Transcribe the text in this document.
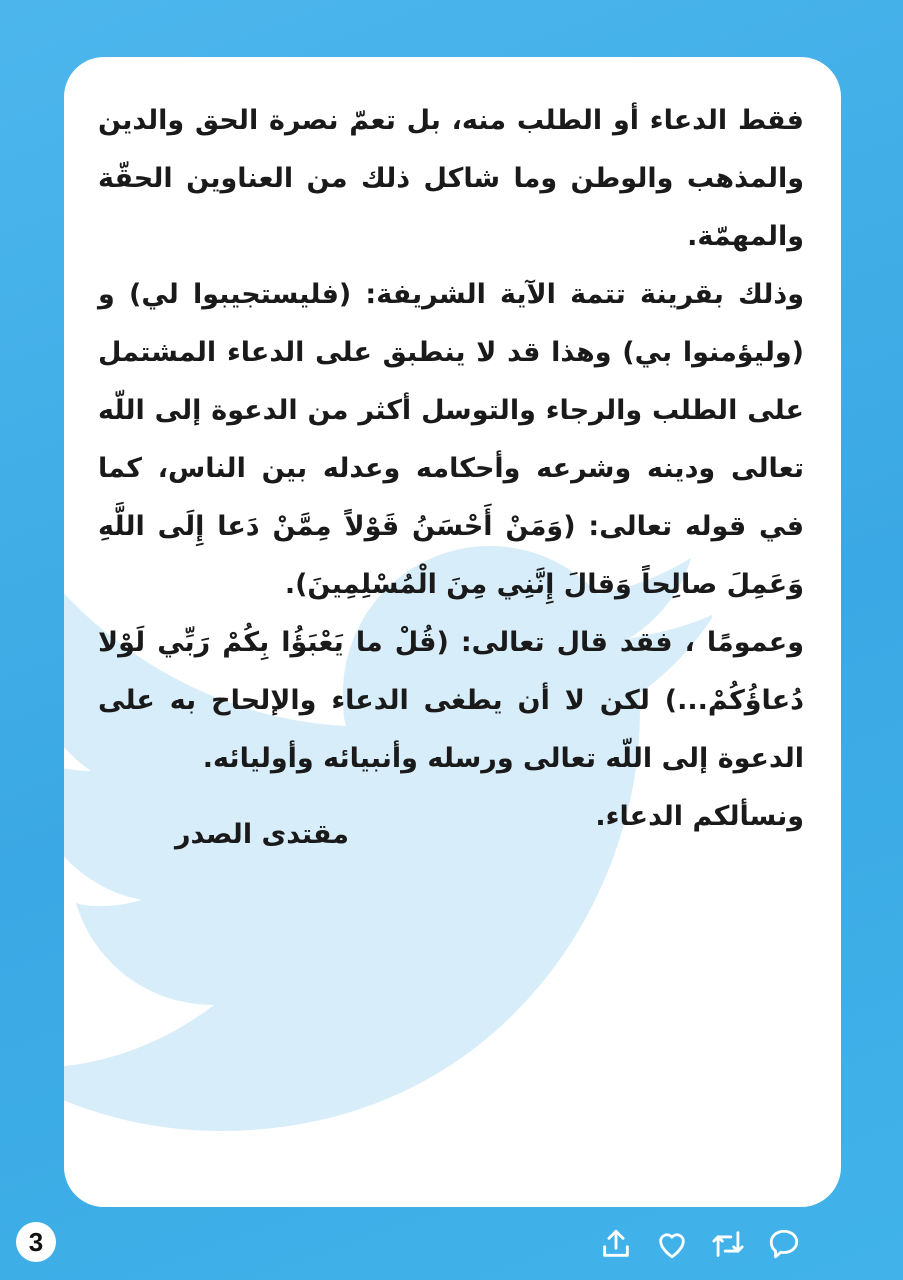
فقط الدعاء أو الطلب منه، بل تعمّ نصرة الحق والدين والمذهب والوطن وما شاكل ذلك من العناوين الحقّة والمهمّة.

وذلك بقرينة تتمة الآية الشريفة: (فليستجيبوا لي) و (وليؤمنوا بي) وهذا قد لا ينطبق على الدعاء المشتمل على الطلب والرجاء والتوسل أكثر من الدعوة إلى اللّه تعالى ودينه وشرعه وأحكامه وعدله بين الناس، كما في قوله تعالى: (وَمَنْ أَحْسَنُ قَوْلاً مِمَّنْ دَعا إِلَى اللَّهِ وَعَمِلَ صالِحاً وَقالَ إِنَّنِي مِنَ الْمُسْلِمِينَ).

وعمومًا ، فقد قال تعالى: (قُلْ ما يَعْبَؤُا بِكُمْ رَبِّي لَوْلا دُعاؤُكُمْ...) لكن لا أن يطغى الدعاء والإلحاح به على الدعوة إلى اللّه تعالى ورسله وأنبيائه وأوليائه.

ونسألكم الدعاء.

مقتدى الصدر
3
